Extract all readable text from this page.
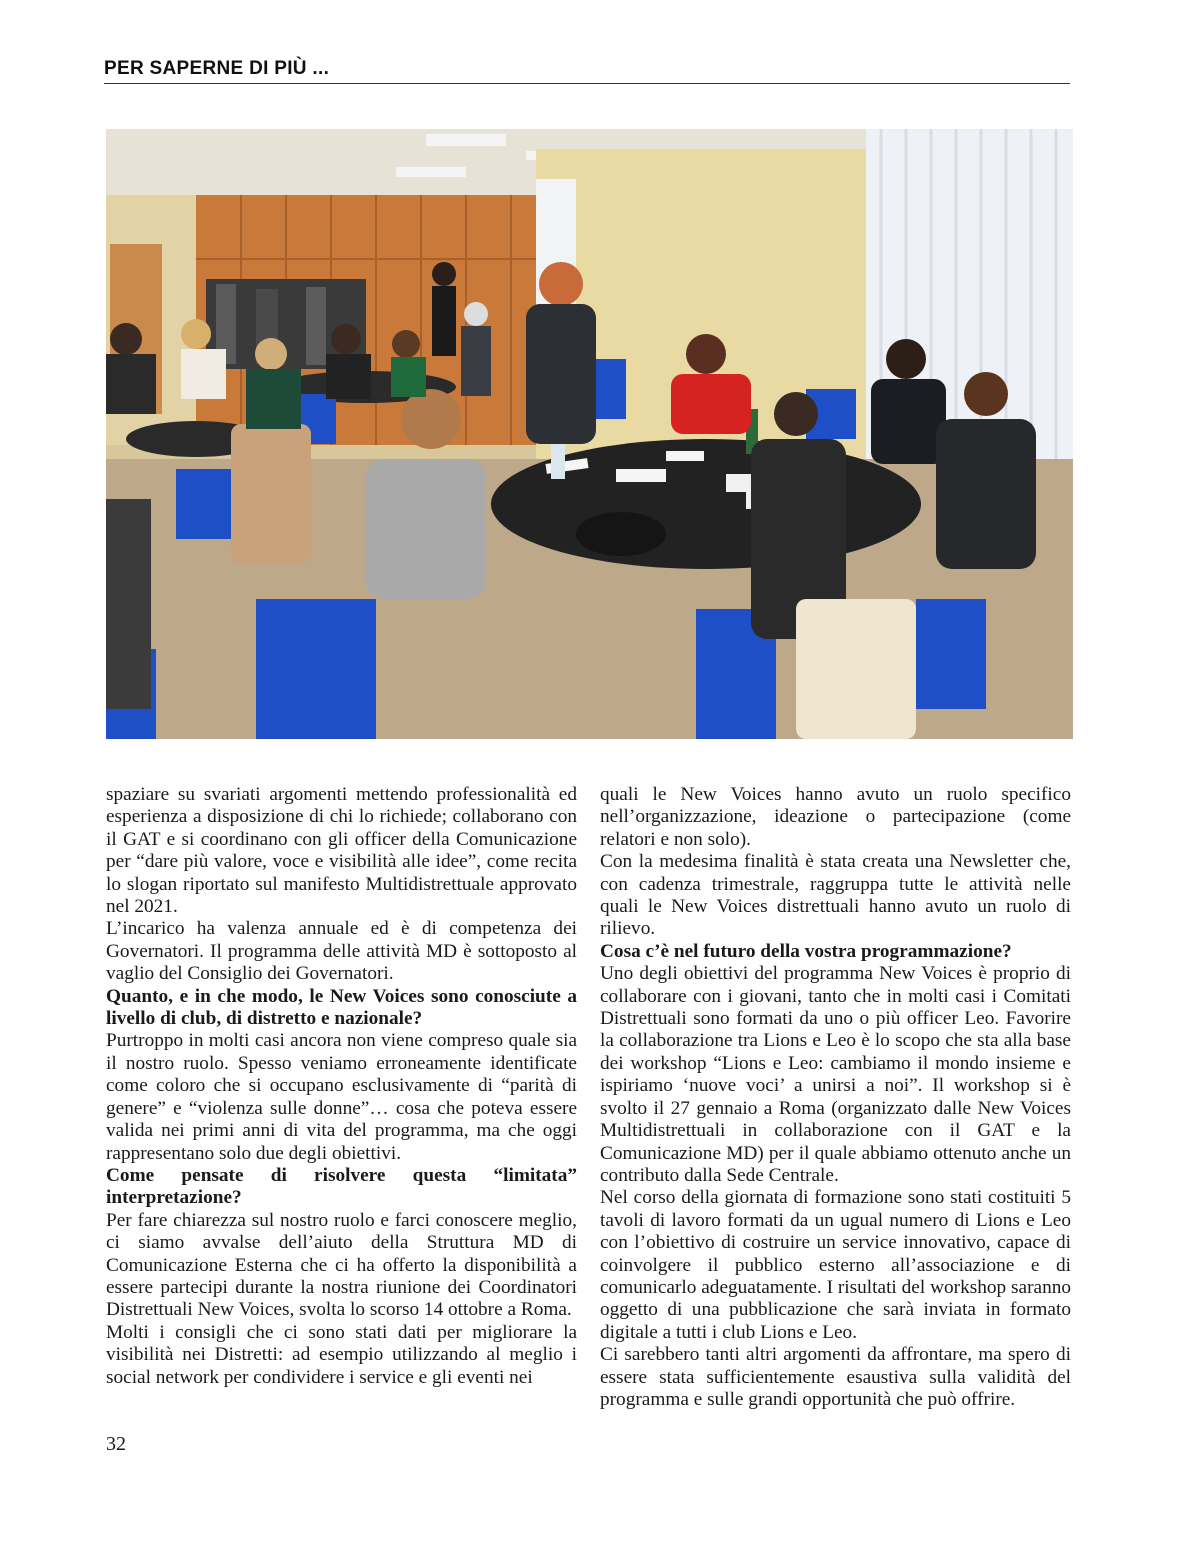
PER SAPERNE DI PIÙ ...

spaziare su svariati argomenti mettendo professionalità ed esperienza a disposizione di chi lo richiede; collaborano con il GAT e si coordinano con gli officer della Comunicazione per “dare più valore, voce e visibilità alle idee”, come recita lo slogan riportato sul manifesto Multidistrettuale approvato nel 2021.

L’incarico ha valenza annuale ed è di competenza dei Governatori. Il programma delle attività MD è sottoposto al vaglio del Consiglio dei Governatori.

Quanto, e in che modo, le New Voices sono conosciute a livello di club, di distretto e nazionale?

Purtroppo in molti casi ancora non viene compreso quale sia il nostro ruolo. Spesso veniamo erroneamente identificate come coloro che si occupano esclusivamente di “parità di genere” e “violenza sulle donne”… cosa che poteva essere valida nei primi anni di vita del programma, ma che oggi rappresentano solo due degli obiettivi.

Come pensate di risolvere questa “limitata” interpretazione?

Per fare chiarezza sul nostro ruolo e farci conoscere meglio, ci siamo avvalse dell’aiuto della Struttura MD di Comunicazione Esterna che ci ha offerto la disponibilità a essere partecipi durante la nostra riunione dei Coordinatori Distrettuali New Voices, svolta lo scorso 14 ottobre a Roma.

Molti i consigli che ci sono stati dati per migliorare la visibilità nei Distretti: ad esempio utilizzando al meglio i social network per condividere i service e gli eventi nei

quali le New Voices hanno avuto un ruolo specifico nell’organizzazione, ideazione o partecipazione (come relatori e non solo).

Con la medesima finalità è stata creata una Newsletter che, con cadenza trimestrale, raggruppa tutte le attività nelle quali le New Voices distrettuali hanno avuto un ruolo di rilievo.

Cosa c’è nel futuro della vostra programmazione?

Uno degli obiettivi del programma New Voices è proprio di collaborare con i giovani, tanto che in molti casi i Comitati Distrettuali sono formati da uno o più officer Leo. Favorire la collaborazione tra Lions e Leo è lo scopo che sta alla base dei workshop “Lions e Leo: cambiamo il mondo insieme e ispiriamo ‘nuove voci’ a unirsi a noi”. Il workshop si è svolto il 27 gennaio a Roma (organizzato dalle New Voices Multidistrettuali in collaborazione con il GAT e la Comunicazione MD) per il quale abbiamo ottenuto anche un contributo dalla Sede Centrale.

Nel corso della giornata di formazione sono stati costituiti 5 tavoli di lavoro formati da un ugual numero di Lions e Leo con l’obiettivo di costruire un service innovativo, capace di coinvolgere il pubblico esterno all’associazione e di comunicarlo adeguatamente. I risultati del workshop saranno oggetto di una pubblicazione che sarà inviata in formato digitale a tutti i club Lions e Leo.

Ci sarebbero tanti altri argomenti da affrontare, ma spero di essere stata sufficientemente esaustiva sulla validità del programma e sulle grandi opportunità che può offrire.

32
